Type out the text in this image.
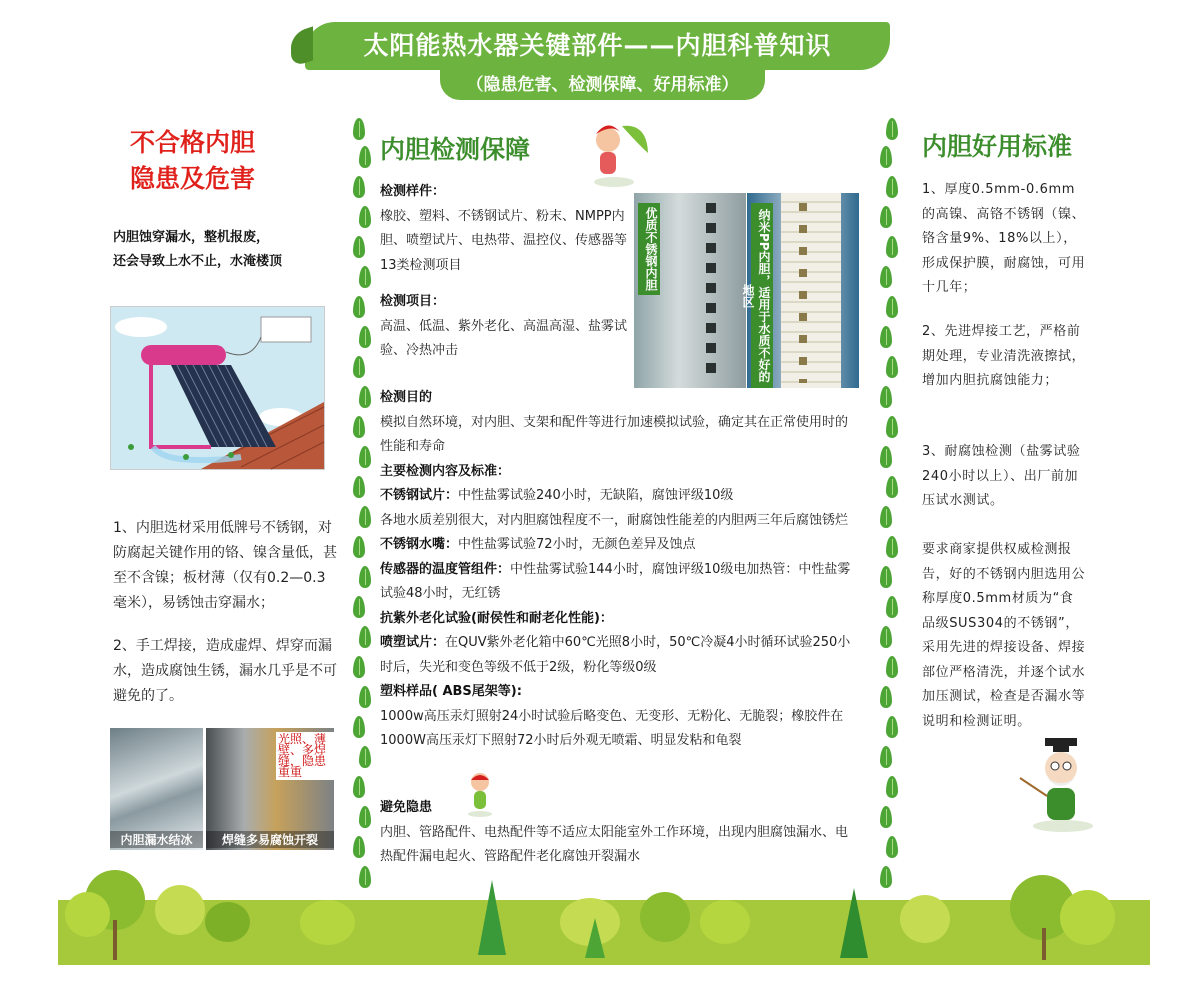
太阳能热水器关键部件——内胆科普知识
（隐患危害、检测保障、好用标准）
不合格内胆
隐患及危害
内胆蚀穿漏水，整机报废，
还会导致上水不止，水淹楼顶
1、内胆选材采用低牌号不锈钢，对防腐起关键作用的铬、镍含量低，甚至不含镍；板材薄（仅有0.2—0.3毫米），易锈蚀击穿漏水；
2、手工焊接，造成虚焊、焊穿而漏水，造成腐蚀生锈，漏水几乎是不可避免的了。
内胆漏水结冰
光照、薄壁、多焊缝，隐患重重
焊缝多易腐蚀开裂
内胆检测保障
检测样件：
橡胶、塑料、不锈钢试片、粉末、NMPP内胆、喷塑试片、电热带、温控仪、传感器等13类检测项目
检测项目：
高温、低温、紫外老化、高温高湿、盐雾试验、冷热冲击
优质不锈钢内胆	纳米PP内胆，适用于水质不好的地区
检测目的
模拟自然环境，对内胆、支架和配件等进行加速模拟试验，确定其在正常使用时的性能和寿命
主要检测内容及标准：
不锈钢试片：中性盐雾试验240小时，无缺陷，腐蚀评级10级
各地水质差别很大，对内胆腐蚀程度不一，耐腐蚀性能差的内胆两三年后腐蚀锈烂
不锈钢水嘴：中性盐雾试验72小时，无颜色差异及蚀点
传感器的温度管组件：中性盐雾试验144小时，腐蚀评级10级电加热管：中性盐雾试验48小时，无红锈
抗紫外老化试验(耐侯性和耐老化性能)：
喷塑试片：在QUV紫外老化箱中60℃光照8小时，50℃冷凝4小时循环试验250小时后，失光和变色等级不低于2级，粉化等级0级
塑料样品( ABS尾架等):
1000w高压汞灯照射24小时试验后略变色、无变形、无粉化、无脆裂；橡胶件在1000W高压汞灯下照射72小时后外观无喷霜、明显发粘和龟裂
避免隐患
内胆、管路配件、电热配件等不适应太阳能室外工作环境，出现内胆腐蚀漏水、电热配件漏电起火、管路配件老化腐蚀开裂漏水
内胆好用标准
1、厚度0.5mm-0.6mm的高镍、高铬不锈钢（镍、铬含量9%、18%以上），形成保护膜，耐腐蚀，可用十几年；
2、先进焊接工艺，严格前期处理，专业清洗液擦拭，增加内胆抗腐蚀能力；
3、耐腐蚀检测（盐雾试验240小时以上）、出厂前加压试水测试。
要求商家提供权威检测报告，好的不锈钢内胆选用公称厚度0.5mm材质为“食品级SUS304的不锈钢”，采用先进的焊接设备、焊接部位严格清洗，并逐个试水加压测试，检查是否漏水等说明和检测证明。
